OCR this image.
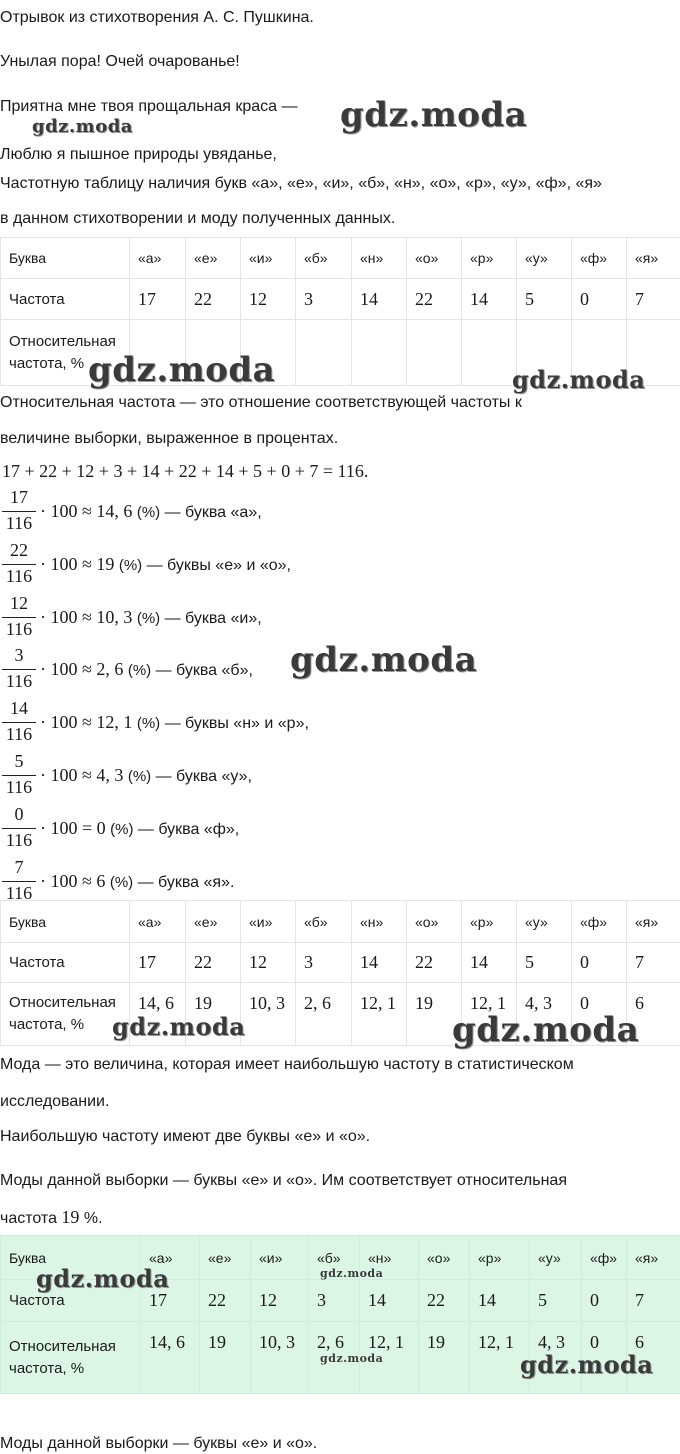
Отрывок из стихотворения А. С. Пушкина.
Унылая пора! Очей очарованье!
Приятна мне твоя прощальная краса —
Люблю я пышное природы увяданье,
Частотную таблицу наличия букв «а», «е», «и», «б», «н», «о», «р», «у», «ф», «я»
в данном стихотворении и моду полученных данных.
Буква	«а»	«е»	«и»	«б»	«н»	«о»	«р»	«у»	«ф»	«я»
Частота	17	22	12	3	14	22	14	5	0	7
Относительная частота, %										
Относительная частота — это отношение соответствующей частоты к
величине выборки, выраженное в процентах.
17 + 22 + 12 + 3 + 14 + 22 + 14 + 5 + 0 + 7 = 116.
17
116
· 100 ≈ 14, 6 (%) — буква «а»,
22
116
· 100 ≈ 19 (%) — буквы «е» и «о»,
12
116
· 100 ≈ 10, 3 (%) — буква «и»,
3
116
· 100 ≈ 2, 6 (%) — буква «б»,
14
116
· 100 ≈ 12, 1 (%) — буквы «н» и «р»,
5
116
· 100 ≈ 4, 3 (%) — буква «у»,
0
116
· 100 = 0 (%) — буква «ф»,
7
116
· 100 ≈ 6 (%) — буква «я».
Буква	«а»	«е»	«и»	«б»	«н»	«о»	«р»	«у»	«ф»	«я»
Частота	17	22	12	3	14	22	14	5	0	7
Относительная частота, %	14, 6	19	10, 3	2, 6	12, 1	19	12, 1	4, 3	0	6
Мода — это величина, которая имеет наибольшую частоту в статистическом
исследовании.
Наибольшую частоту имеют две буквы «е» и «о».
Моды данной выборки — буквы «е» и «о». Им соответствует относительная
частота 19 %.
Буква	«а»	«е»	«и»	«б»	«н»	«о»	«р»	«у»	«ф»	«я»
Частота	17	22	12	3	14	22	14	5	0	7
Относительная частота, %	14, 6	19	10, 3	2, 6	12, 1	19	12, 1	4, 3	0	6
Моды данной выборки — буквы «е» и «о».
gdz.moda
gdz.moda
gdz.moda	gdz.moda
gdz.moda
gdz.moda	gdz.moda
gdz.moda	gdz.moda
gdz.moda	gdz.moda
